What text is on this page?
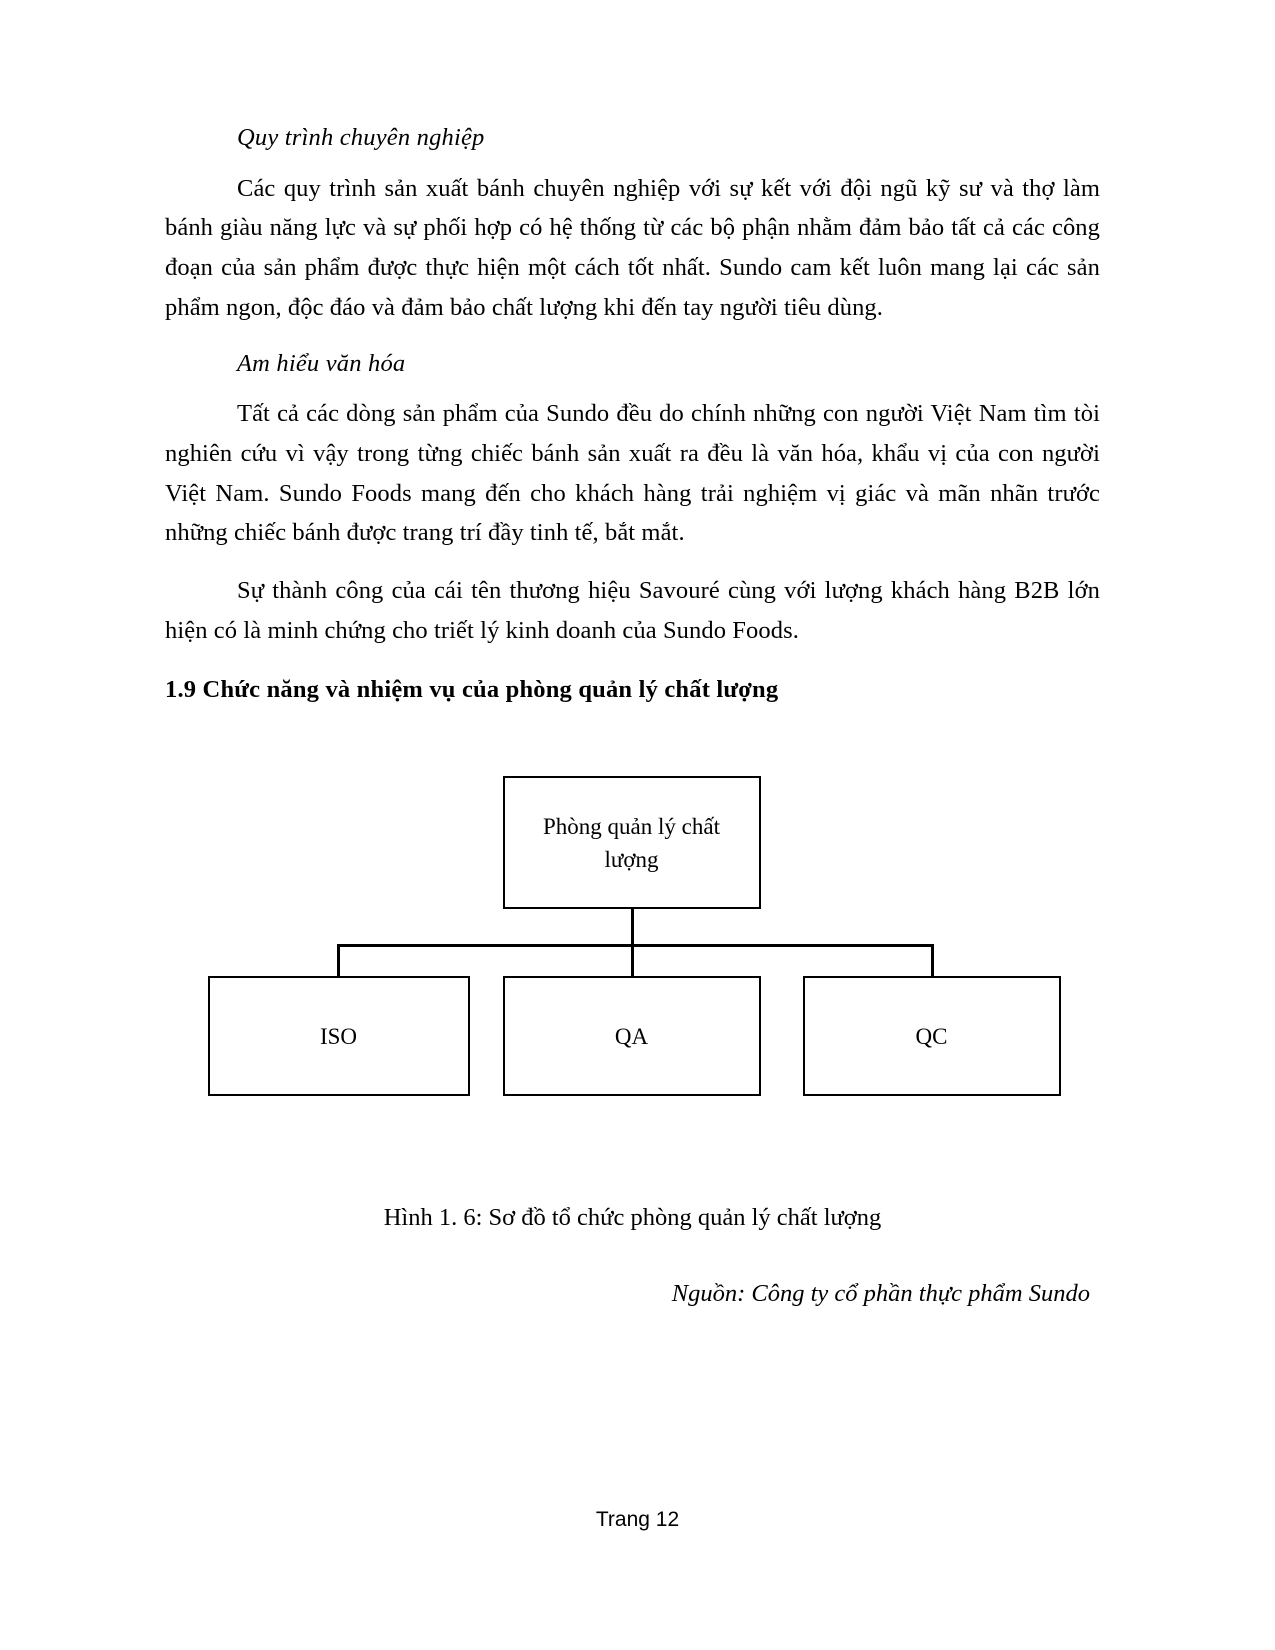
Quy trình chuyên nghiệp

Các quy trình sản xuất bánh chuyên nghiệp với sự kết với đội ngũ kỹ sư và thợ làm bánh giàu năng lực và sự phối hợp có hệ thống từ các bộ phận nhằm đảm bảo tất cả các công đoạn của sản phẩm được thực hiện một cách tốt nhất. Sundo cam kết luôn mang lại các sản phẩm ngon, độc đáo và đảm bảo chất lượng khi đến tay người tiêu dùng.

Am hiểu văn hóa

Tất cả các dòng sản phẩm của Sundo đều do chính những con người Việt Nam tìm tòi nghiên cứu vì vậy trong từng chiếc bánh sản xuất ra đều là văn hóa, khẩu vị của con người Việt Nam. Sundo Foods mang đến cho khách hàng trải nghiệm vị giác và mãn nhãn trước những chiếc bánh được trang trí đầy tinh tế, bắt mắt.

Sự thành công của cái tên thương hiệu Savouré cùng với lượng khách hàng B2B lớn hiện có là minh chứng cho triết lý kinh doanh của Sundo Foods.

1.9 Chức năng và nhiệm vụ của phòng quản lý chất lượng
Phòng quản lý chất lượng
ISO	QA	QC
Hình 1. 6: Sơ đồ tổ chức phòng quản lý chất lượng
Nguồn: Công ty cổ phần thực phẩm Sundo
Trang 12
